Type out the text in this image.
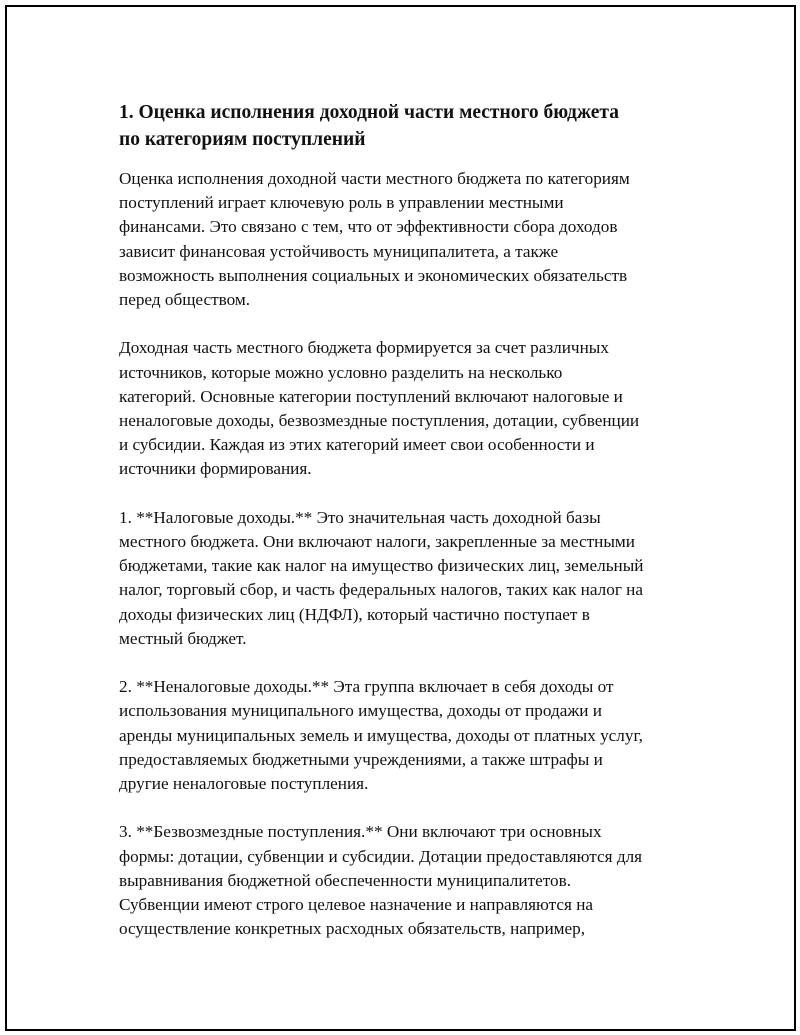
1. Оценка исполнения доходной части местного бюджета
по категориям поступлений

Оценка исполнения доходной части местного бюджета по категориям
поступлений играет ключевую роль в управлении местными
финансами. Это связано с тем, что от эффективности сбора доходов
зависит финансовая устойчивость муниципалитета, а также
возможность выполнения социальных и экономических обязательств
перед обществом.

Доходная часть местного бюджета формируется за счет различных
источников, которые можно условно разделить на несколько
категорий. Основные категории поступлений включают налоговые и
неналоговые доходы, безвозмездные поступления, дотации, субвенции
и субсидии. Каждая из этих категорий имеет свои особенности и
источники формирования.

1. **Налоговые доходы.** Это значительная часть доходной базы
местного бюджета. Они включают налоги, закрепленные за местными
бюджетами, такие как налог на имущество физических лиц, земельный
налог, торговый сбор, и часть федеральных налогов, таких как налог на
доходы физических лиц (НДФЛ), который частично поступает в
местный бюджет.

2. **Неналоговые доходы.** Эта группа включает в себя доходы от
использования муниципального имущества, доходы от продажи и
аренды муниципальных земель и имущества, доходы от платных услуг,
предоставляемых бюджетными учреждениями, а также штрафы и
другие неналоговые поступления.

3. **Безвозмездные поступления.** Они включают три основных
формы: дотации, субвенции и субсидии. Дотации предоставляются для
выравнивания бюджетной обеспеченности муниципалитетов.
Субвенции имеют строго целевое назначение и направляются на
осуществление конкретных расходных обязательств, например,
